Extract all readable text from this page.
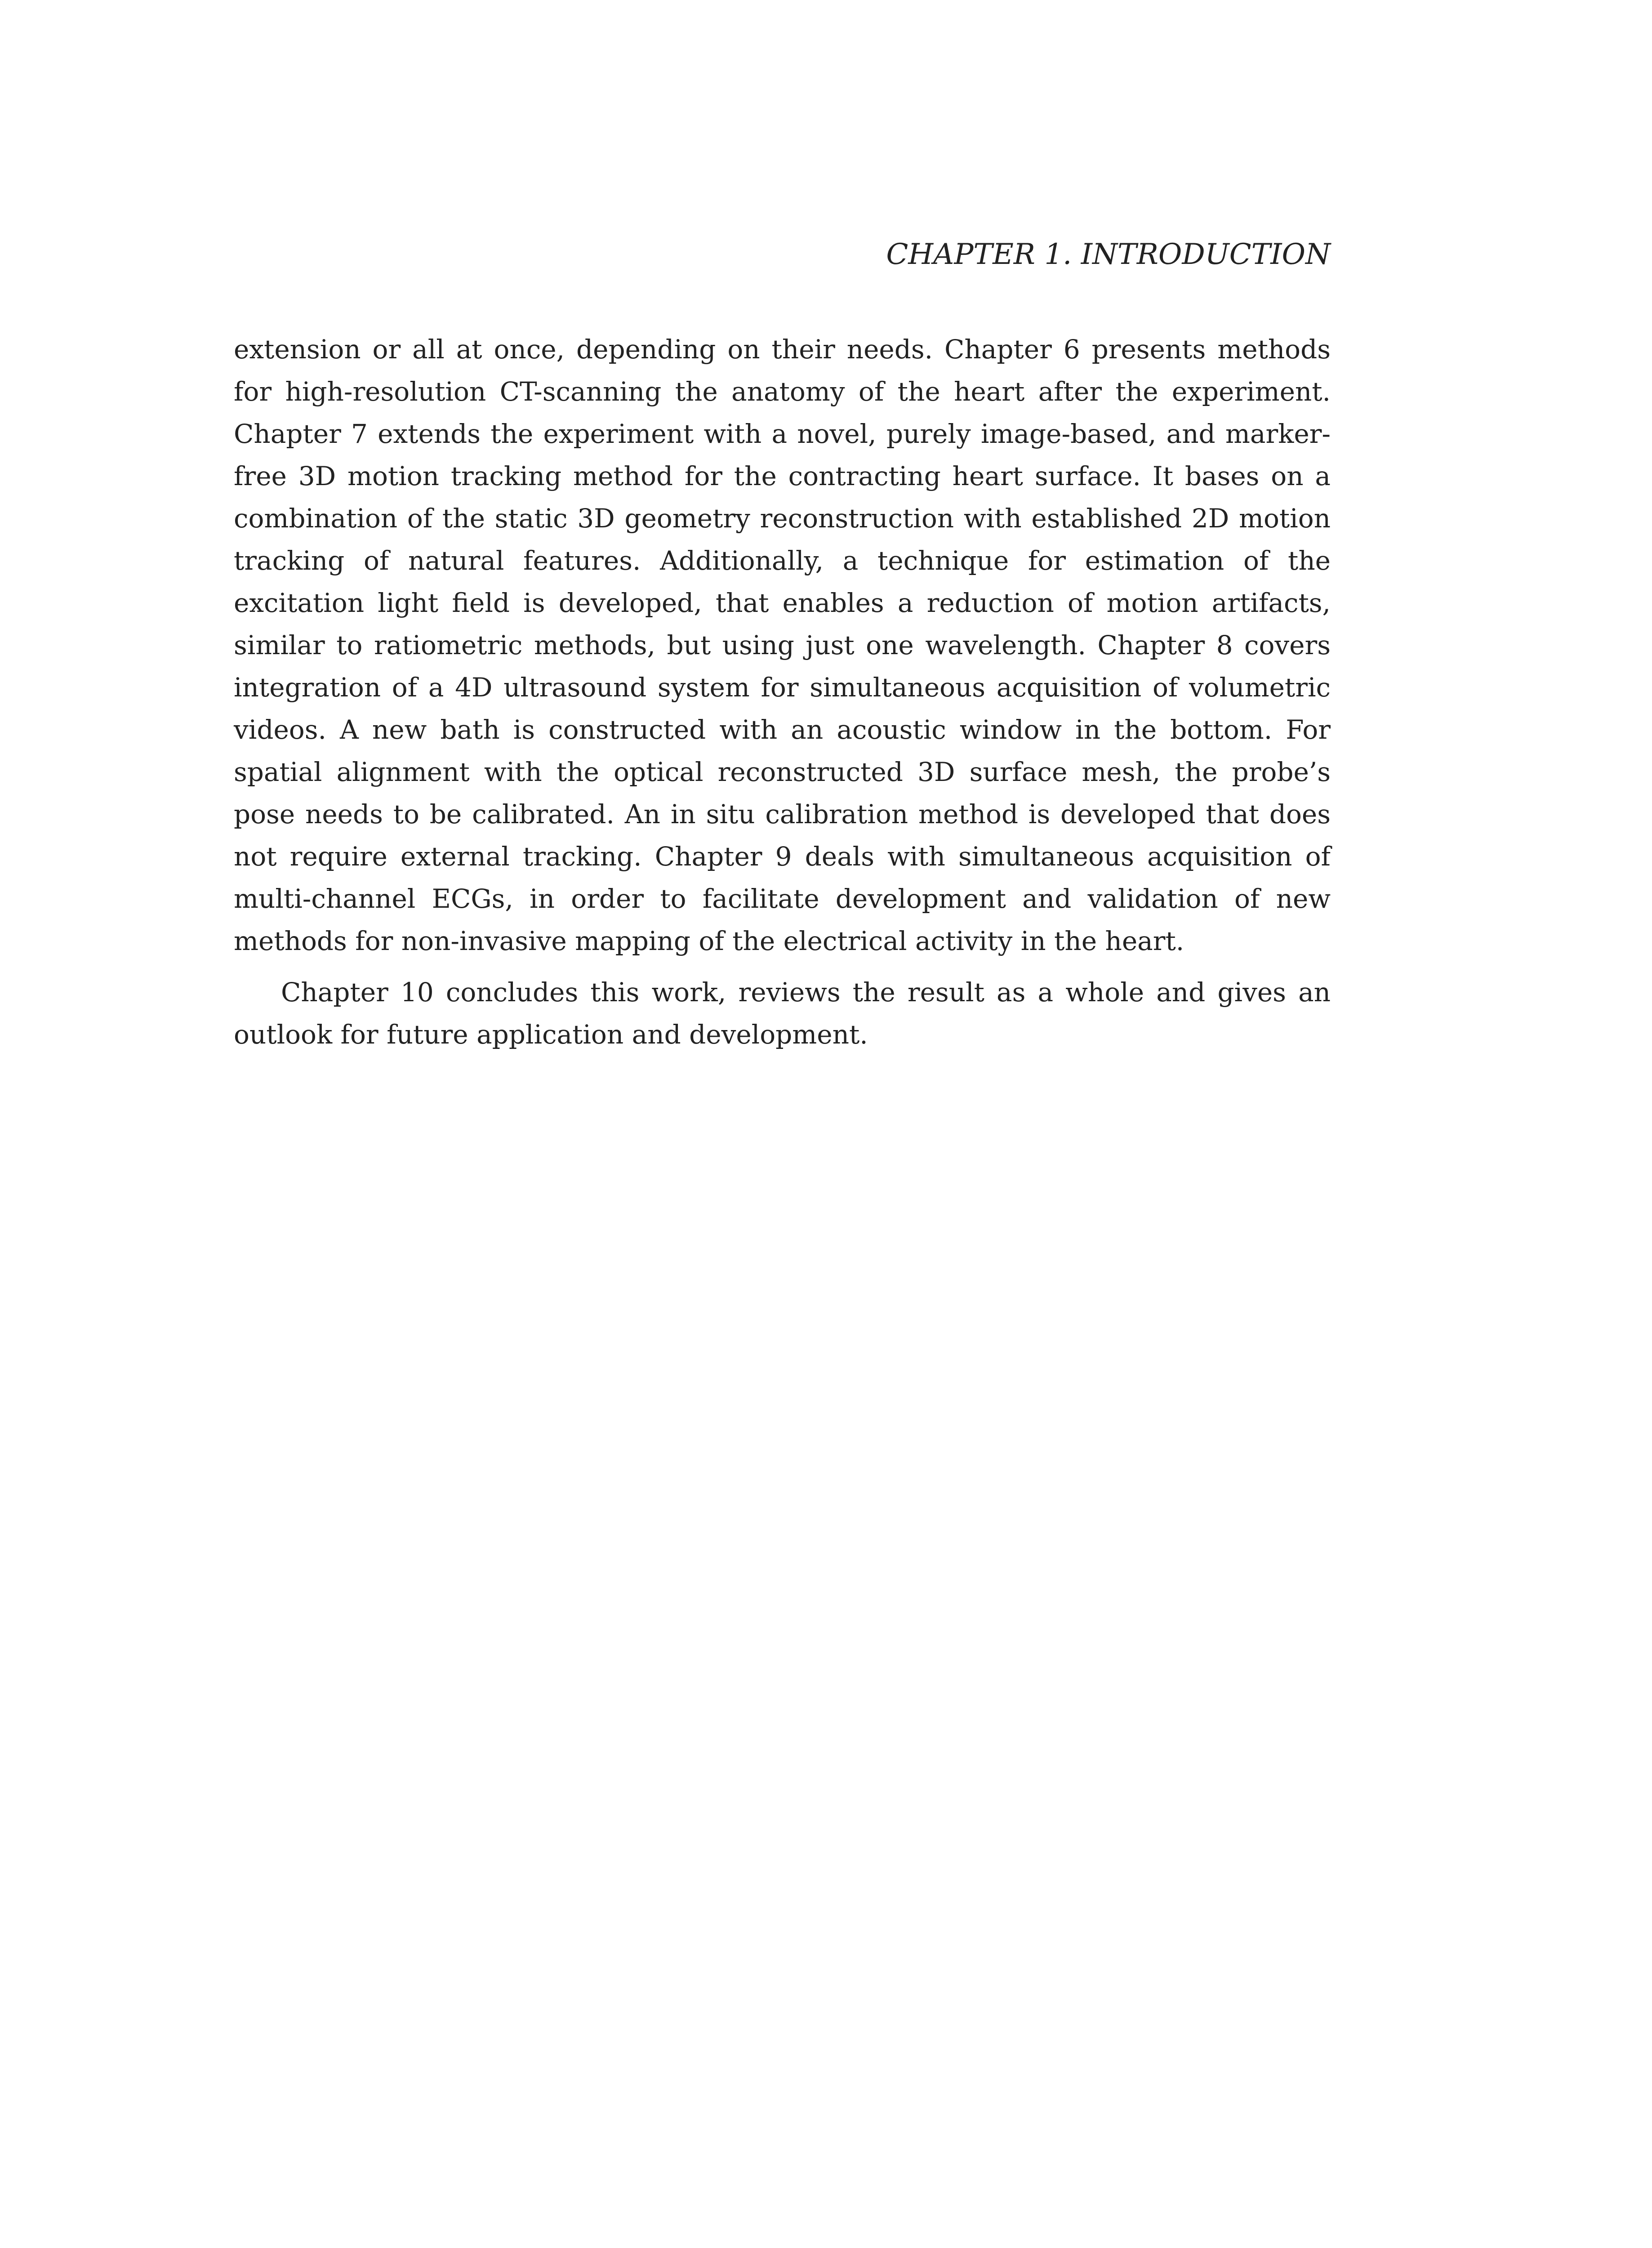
CHAPTER 1. INTRODUCTION

extension or all at once, depending on their needs. Chapter 6 presents methods for high-resolution CT-scanning the anatomy of the heart after the experiment. Chapter 7 extends the experiment with a novel, purely image-based, and marker-free 3D motion tracking method for the contracting heart surface. It bases on a combination of the static 3D geometry reconstruction with established 2D motion tracking of natural features. Additionally, a technique for estimation of the excitation light field is developed, that enables a reduction of motion artifacts, similar to ratiometric methods, but using just one wavelength. Chapter 8 covers integration of a 4D ultrasound system for simultaneous acquisition of volumetric videos. A new bath is constructed with an acoustic window in the bottom. For spatial alignment with the optical reconstructed 3D surface mesh, the probe’s pose needs to be calibrated. An in situ calibration method is developed that does not require external tracking. Chapter 9 deals with simultaneous acquisition of multi-channel ECGs, in order to facilitate development and validation of new methods for non-invasive mapping of the electrical activity in the heart.

Chapter 10 concludes this work, reviews the result as a whole and gives an outlook for future application and development.
